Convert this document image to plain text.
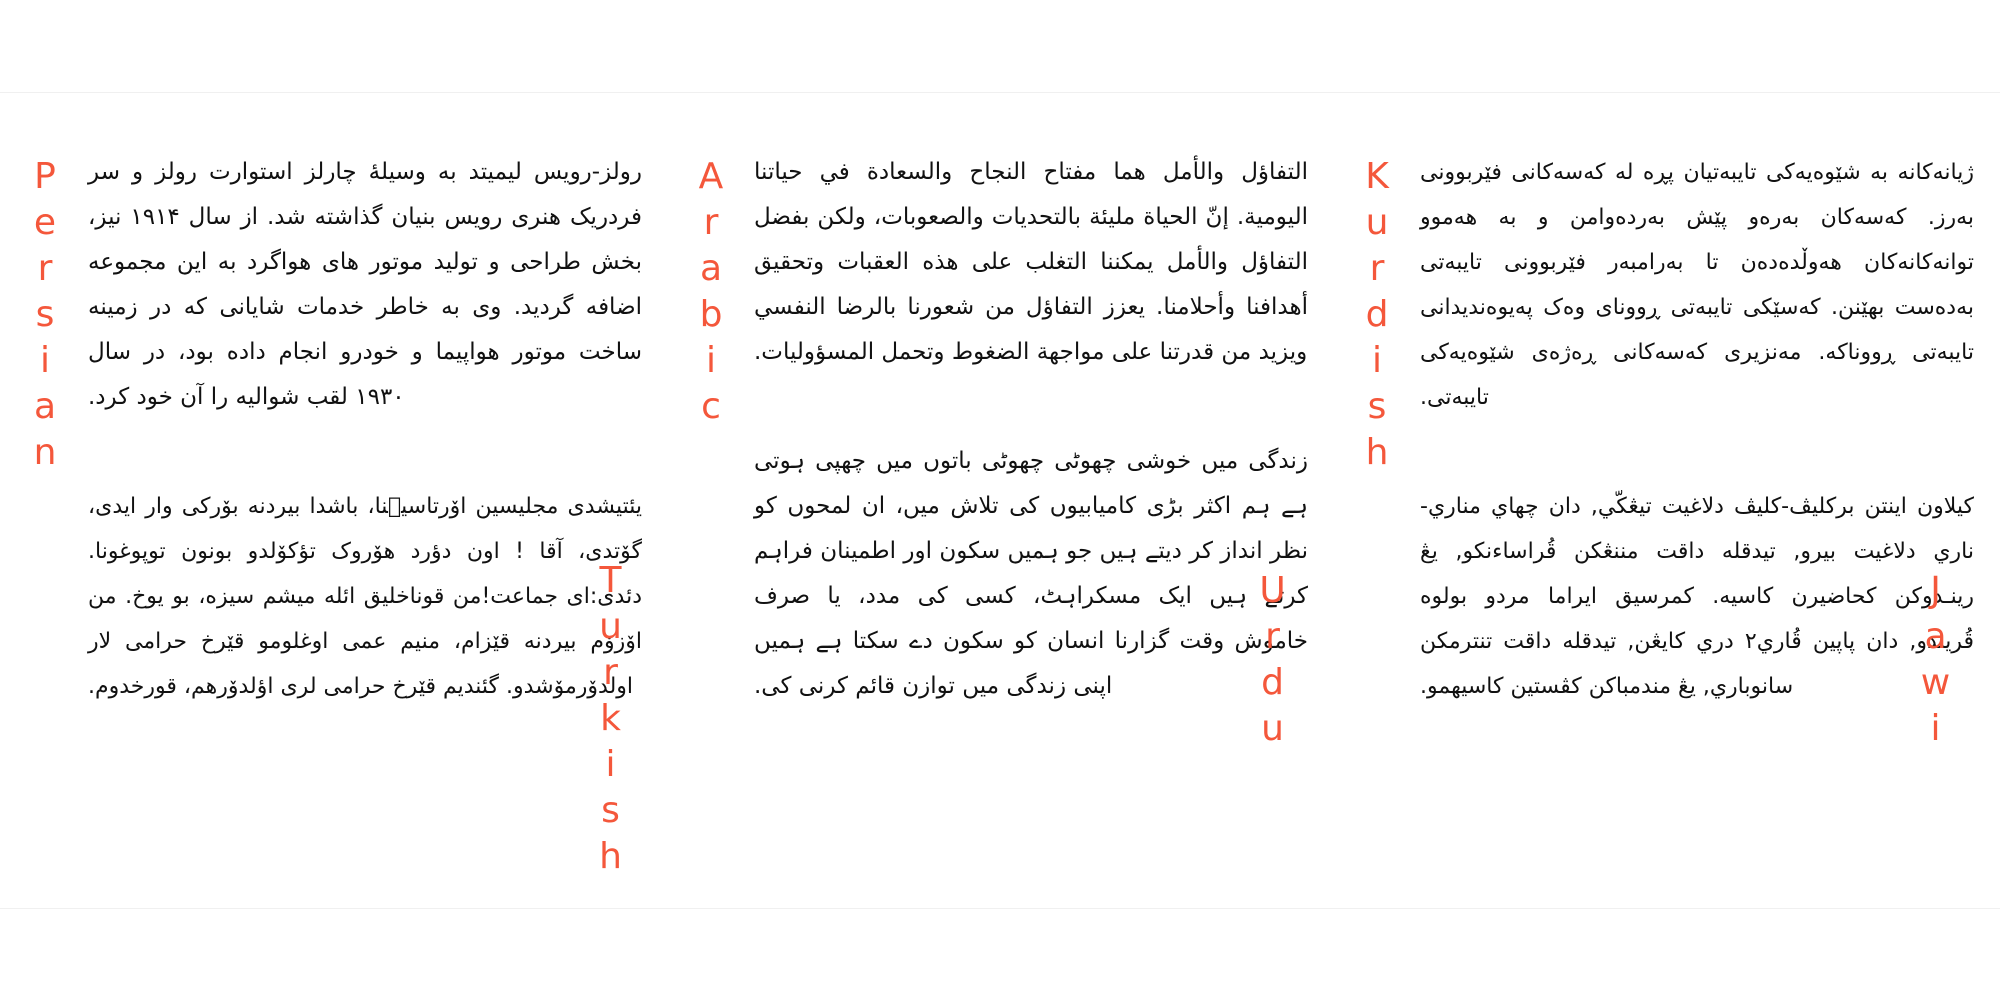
Kurdish ژیانەکانە بە شێوەیەکی تایبەتیان پڕە لە کەسەکانی فێربوونی بەرز. کەسەکان بەرەو پێش بەردەوامن و بە هەموو توانەکانەکان هەوڵدەدەن تا بەرامبەر فێربوونی تایبەتی بەدەست بهێنن. کەسێکی تایبەتی ڕوونای وەک پەیوەندیدانی تایبەتی ڕووناکە. مەنزیری کەسەکانی ڕەژەی شێوەیەکی تایبەتی.
کیلاون اینتن بركليڤ-كليڤ دلاغيت تيڠكّي, دان چهاي مناري-ناري دلاغيت بيرو, تيدقله داقت مننڠكن قُراساءنكو, يڠ رينـدوكن كحاضيرن كاسيه. كمرسيق ايراما مردو بولوه قُريندو, دان پاپين قُاري٢ دري كايڠن, تيدقله داقت تنترمكن سانوباري, يڠ مندمباكن كڤستين كاسيهمو.
Arabic التفاؤل والأمل هما مفتاح النجاح والسعادة في حياتنا اليومية. إنّ الحياة مليئة بالتحديات والصعوبات، ولكن بفضل التفاؤل والأمل يمكننا التغلب على هذه العقبات وتحقيق أهدافنا وأحلامنا. يعزز التفاؤل من شعورنا بالرضا النفسي ويزيد من قدرتنا على مواجهة الضغوط وتحمل المسؤوليات.
زندگی میں خوشی چھوٹی چھوٹی باتوں میں چھپی ہوتی ہے ہم اکثر بڑی کامیابیوں کی تلاش میں، ان لمحوں کو نظر انداز کر دیتے ہیں جو ہمیں سکون اور اطمینان فراہم کرتے ہیں ایک مسکراہٹ، کسی کی مدد، یا صرف خاموش وقت گزارنا انسان کو سکون دے سکتا ہے ہمیں اپنی زندگی میں توازن قائم کرنی کی.
Persian رولز-رویس لیمیتد به وسیلهٔ چارلز استوارت رولز و سر فردریک هنری رویس بنیان گذاشته شد. از سال ۱۹۱۴ نیز، بخش طراحی و تولید موتور های هواگرد به این مجموعه اضافه گردید. وی به خاطر خدمات شایانی که در زمینه ساخت موتور هواپیما و خودرو انجام داده بود، در سال ۱۹۳۰ لقب شوالیه را آن خود کرد.
یئتیشدی مجلیسین اۆرتاسیٖنا، باشدا بیردنه بۆرکی وار ایدی، گۆتدی، آقا ! اون دؤرد هۆروک تؤکۆلدو بونون توپوغونا. دئدی:ای جماعت!من قوناخلیق ائله میشم سیزه، بو یوخ. من اۆزۆم بیردنه قێزام، منیم عمی اوغلومو قێرخ حرامی لار اولدۆرمۆشدو. گئندیم قێرخ حرامی لری اؤلدۆرهم، قورخدوم.	Jawi
Urdu
Turkish
